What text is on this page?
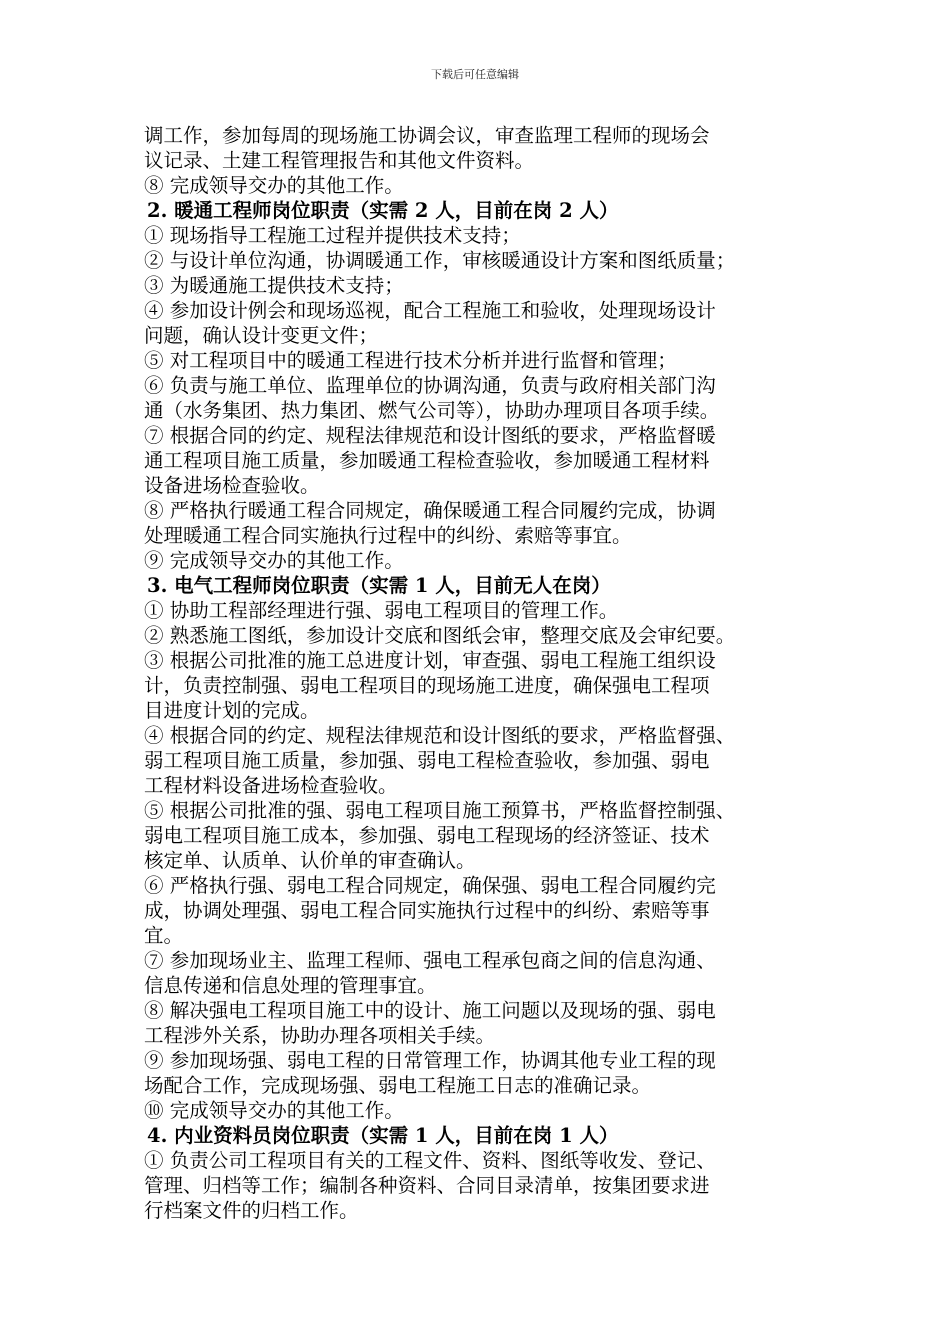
下载后可任意编辑

调工作，参加每周的现场施工协调会议，审查监理工程师的现场会

议记录、土建工程管理报告和其他文件资料。

⑧ 完成领导交办的其他工作。

2. 暖通工程师岗位职责（实需 2 人，目前在岗 2 人）

① 现场指导工程施工过程并提供技术支持；

② 与设计单位沟通，协调暖通工作，审核暖通设计方案和图纸质量；

③ 为暖通施工提供技术支持；

④ 参加设计例会和现场巡视，配合工程施工和验收，处理现场设计

问题，确认设计变更文件；

⑤ 对工程项目中的暖通工程进行技术分析并进行监督和管理；

⑥ 负责与施工单位、监理单位的协调沟通，负责与政府相关部门沟

通（水务集团、热力集团、燃气公司等），协助办理项目各项手续。

⑦ 根据合同的约定、规程法律规范和设计图纸的要求，严格监督暖

通工程项目施工质量，参加暖通工程检查验收，参加暖通工程材料

设备进场检查验收。

⑧ 严格执行暖通工程合同规定，确保暖通工程合同履约完成，协调

处理暖通工程合同实施执行过程中的纠纷、索赔等事宜。

⑨ 完成领导交办的其他工作。

3. 电气工程师岗位职责（实需 1 人，目前无人在岗）

① 协助工程部经理进行强、弱电工程项目的管理工作。

② 熟悉施工图纸，参加设计交底和图纸会审，整理交底及会审纪要。

③ 根据公司批准的施工总进度计划，审查强、弱电工程施工组织设

计，负责控制强、弱电工程项目的现场施工进度，确保强电工程项

目进度计划的完成。

④ 根据合同的约定、规程法律规范和设计图纸的要求，严格监督强、

弱工程项目施工质量，参加强、弱电工程检查验收，参加强、弱电

工程材料设备进场检查验收。

⑤ 根据公司批准的强、弱电工程项目施工预算书，严格监督控制强、

弱电工程项目施工成本，参加强、弱电工程现场的经济签证、技术

核定单、认质单、认价单的审查确认。

⑥ 严格执行强、弱电工程合同规定，确保强、弱电工程合同履约完

成，协调处理强、弱电工程合同实施执行过程中的纠纷、索赔等事

宜。

⑦ 参加现场业主、监理工程师、强电工程承包商之间的信息沟通、

信息传递和信息处理的管理事宜。

⑧ 解决强电工程项目施工中的设计、施工问题以及现场的强、弱电

工程涉外关系，协助办理各项相关手续。

⑨ 参加现场强、弱电工程的日常管理工作，协调其他专业工程的现

场配合工作，完成现场强、弱电工程施工日志的准确记录。

⑩ 完成领导交办的其他工作。

4. 内业资料员岗位职责（实需 1 人，目前在岗 1 人）

① 负责公司工程项目有关的工程文件、资料、图纸等收发、登记、

管理、归档等工作；编制各种资料、合同目录清单，按集团要求进

行档案文件的归档工作。
